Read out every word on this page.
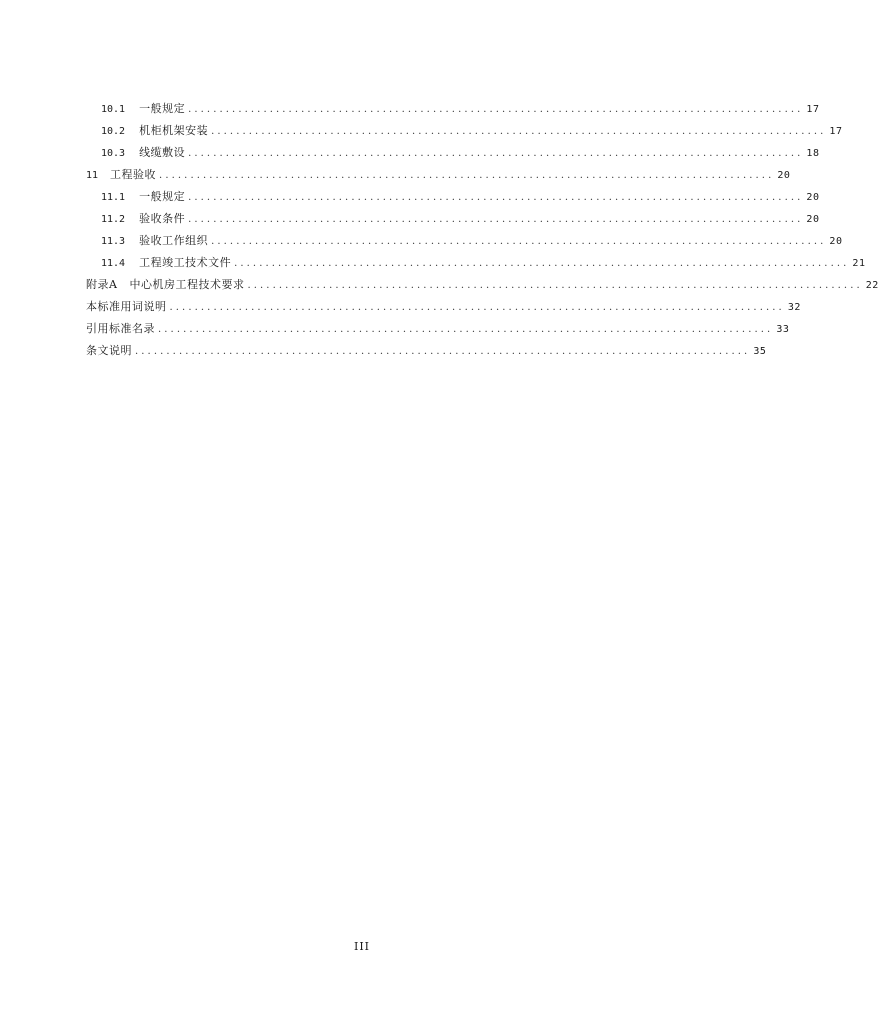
10.1 一般规定 .................................................................................................. 17
10.2 机柜机架安装 .................................................................................................. 17
10.3 线缆敷设 .................................................................................................. 18
11 工程验收 .................................................................................................. 20
11.1 一般规定 .................................................................................................. 20
11.2 验收条件 .................................................................................................. 20
11.3 验收工作组织 .................................................................................................. 20
11.4 工程竣工技术文件 .................................................................................................. 21
附录A 中心机房工程技术要求 .................................................................................................. 22
本标准用词说明 .................................................................................................. 32
引用标准名录 .................................................................................................. 33
条文说明 .................................................................................................. 35
III
